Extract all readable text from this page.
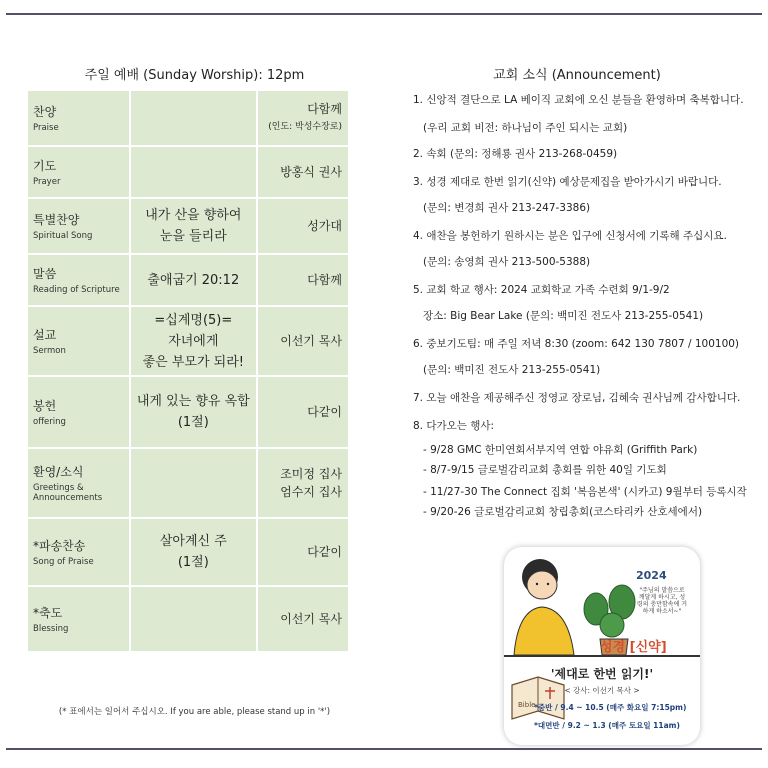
주일 예배 (Sunday Worship): 12pm
찬양
Praise		다함께
(인도: 박성수장로)

기도
Prayer		방홍식 권사

특별찬양
Spiritual Song	내가 산을 향하여
눈을 들리라	성가대

말씀
Reading of Scripture	출애굽기 20:12	다함께

설교
Sermon	=십계명(5)=
자녀에게
좋은 부모가 되라!	이선기 목사

봉헌
offering	내게 있는 향유 옥합
(1절)	다같이

환영/소식
Greetings &
Announcements		조미정 집사
엄수지 집사

*파송찬송
Song of Praise	살아계신 주
(1절)	다같이

*축도
Blessing		이선기 목사
(* 표에서는 일어서 주십시오. If you are able, please stand up in '*')
교회 소식 (Announcement)
1. 신앙적 결단으로 LA 베이직 교회에 오신 분들을 환영하며 축복합니다.
(우리 교회 비전: 하나님이 주인 되시는 교회)
2. 속회 (문의: 정해룡 권사 213-268-0459)
3. 성경 제대로 한번 읽기(신약) 예상문제집을 받아가시기 바랍니다.
(문의: 변경희 권사 213-247-3386)
4. 애찬을 봉헌하기 원하시는 분은 입구에 신청서에 기록해 주십시요.
(문의: 송영희 권사 213-500-5388)
5. 교회 학교 행사: 2024 교회학교 가족 수련회 9/1-9/2
장소: Big Bear Lake (문의: 백미진 전도사 213-255-0541)
6. 중보기도팀: 매 주일 저녁 8:30 (zoom: 642 130 7807 / 100100)
(문의: 백미진 전도사 213-255-0541)
7. 오늘 애찬을 제공해주신 정영교 장로님, 김혜숙 권사님께 감사합니다.
8. 다가오는 행사:
- 9/28 GMC 한미연회서부지역 연합 야유회 (Griffith Park)
- 8/7-9/15 글로벌감리교회 총회를 위한 40일 기도회
- 11/27-30 The Connect 집회 '복음본색' (시카고) 9월부터 등록시작
- 9/20-26 글로벌감리교회 창립총회(코스타리카 산호세에서)
Bible
2024
"주님의 말씀으로 깨달게 하시고, 성령의 충만함속에 거하게 하소서~"
성경 [신약]
'제대로 한번 읽기!'
< 강사: 이선기 목사 >
*줌반 / 9.4 ~ 10.5 (매주 화요일 7:15pm)
*대면반 / 9.2 ~ 1.3 (매주 토요일 11am)
